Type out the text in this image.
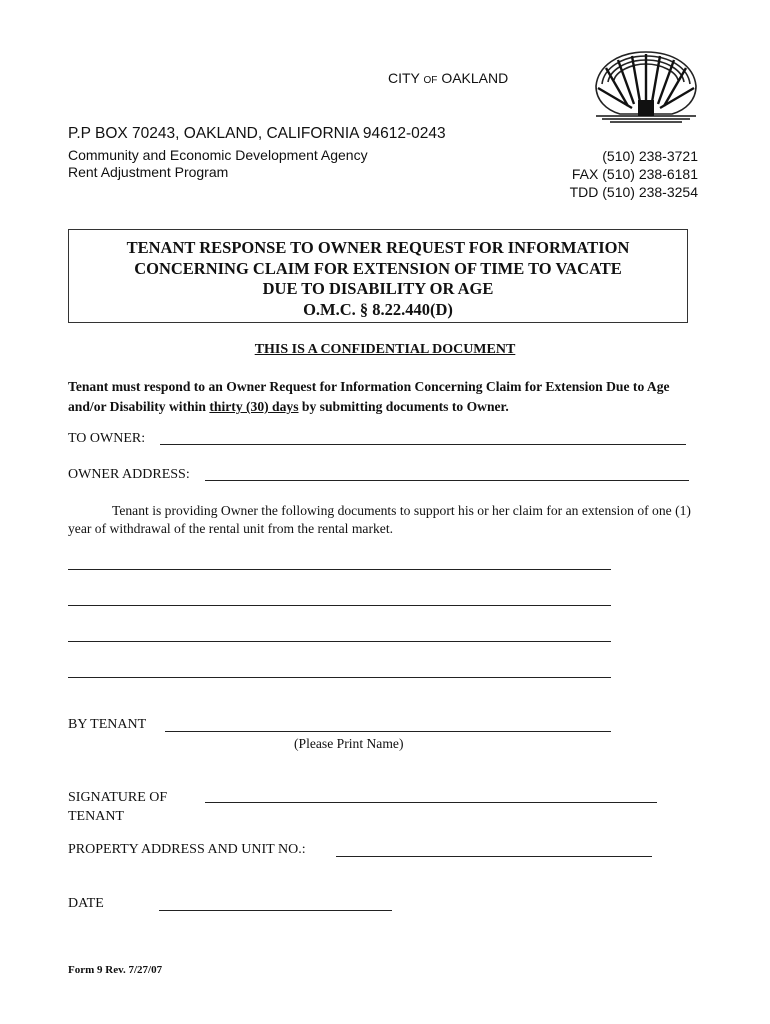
CITY OF OAKLAND
P.P BOX 70243, OAKLAND, CALIFORNIA 94612-0243
Community and Economic Development Agency
Rent Adjustment Program
(510) 238-3721
FAX (510) 238-6181
TDD (510) 238-3254
TENANT RESPONSE TO OWNER REQUEST FOR INFORMATION
CONCERNING CLAIM FOR EXTENSION OF TIME TO VACATE
DUE TO DISABILITY OR AGE
O.M.C. § 8.22.440(D)
THIS IS A CONFIDENTIAL DOCUMENT
Tenant must respond to an Owner Request for Information Concerning Claim for Extension Due to Age and/or Disability within thirty (30) days by submitting documents to Owner.
TO OWNER:
OWNER ADDRESS:
Tenant is providing Owner the following documents to support his or her claim for an extension of one (1) year of withdrawal of the rental unit from the rental market.
BY TENANT
(Please Print Name)
SIGNATURE OF
TENANT
PROPERTY ADDRESS AND UNIT NO.:
DATE
Form 9 Rev. 7/27/07
